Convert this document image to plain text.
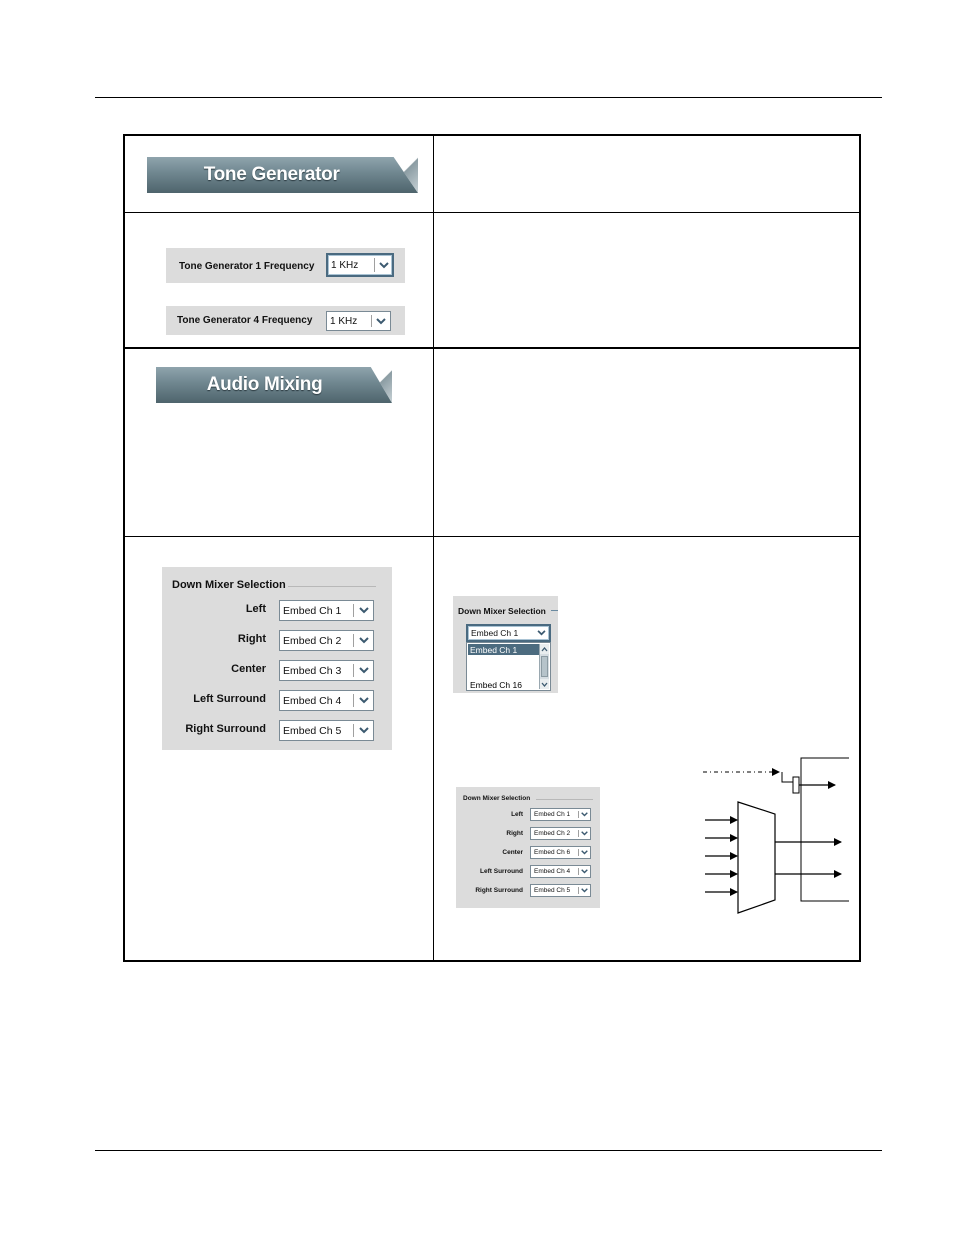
Tone Generator
Tone Generator 1 Frequency 1 KHz
Tone Generator 4 Frequency 1 KHz
Audio Mixing
Down Mixer Selection
Left Embed Ch 1
Right Embed Ch 2
Center Embed Ch 3
Left Surround Embed Ch 4
Right Surround Embed Ch 5
Down Mixer Selection
Embed Ch 1
Embed Ch 1
Embed Ch 16
Down Mixer Selection
Left Embed Ch 1
Right Embed Ch 2
Center Embed Ch 6
Left Surround Embed Ch 4
Right Surround Embed Ch 5
